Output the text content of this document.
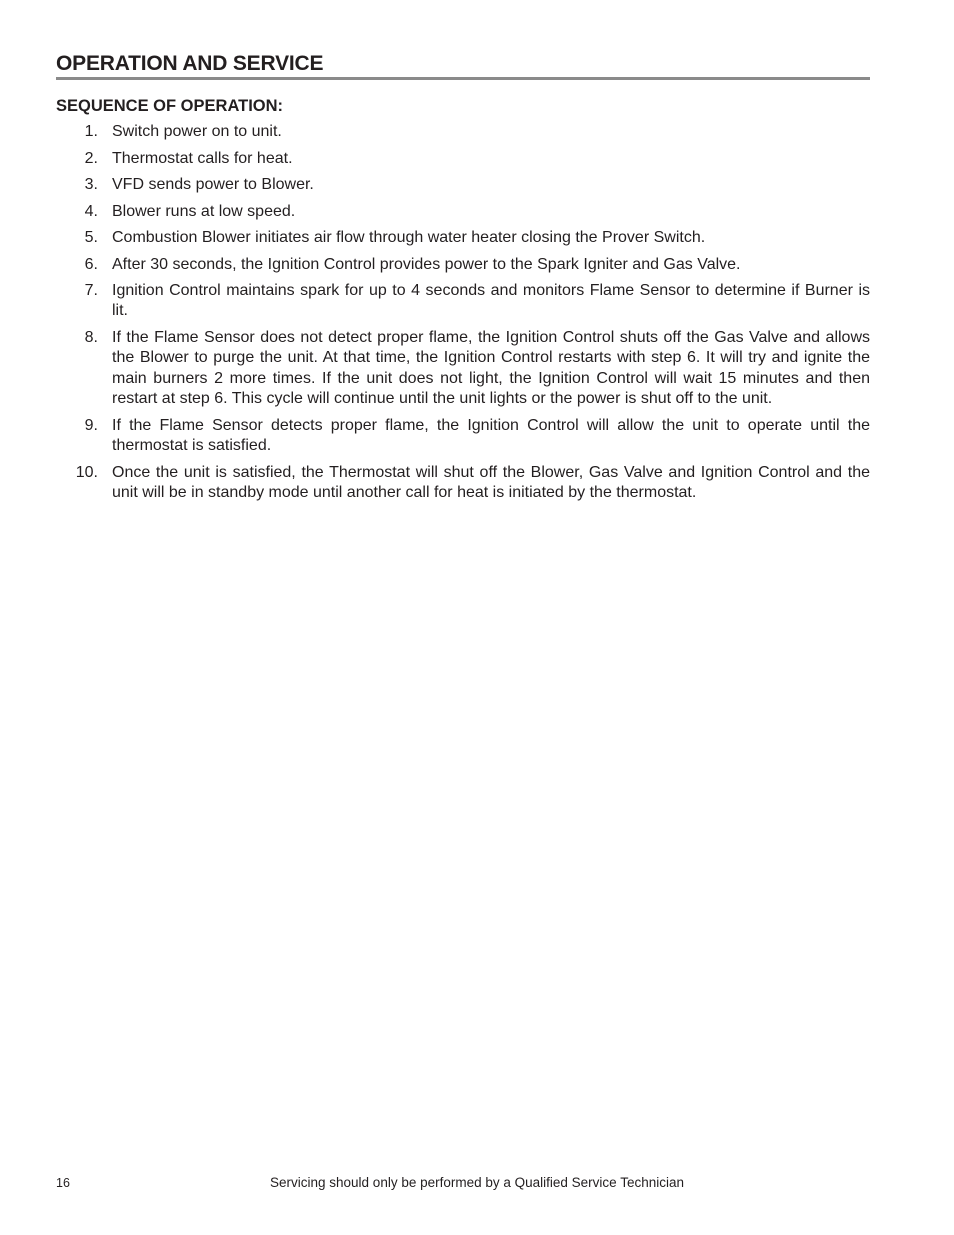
OPERATION AND SERVICE
SEQUENCE OF OPERATION:
1. Switch power on to unit.
2. Thermostat calls for heat.
3. VFD sends power to Blower.
4. Blower runs at low speed.
5. Combustion Blower initiates air flow through water heater closing the Prover Switch.
6. After 30 seconds, the Ignition Control provides power to the Spark Igniter and Gas Valve.
7. Ignition Control maintains spark for up to 4 seconds and monitors Flame Sensor to determine if Burner is lit.
8. If the Flame Sensor does not detect proper flame, the Ignition Control shuts off the Gas Valve and allows the Blower to purge the unit. At that time, the Ignition Control restarts with step 6. It will try and ignite the main burners 2 more times. If the unit does not light, the Ignition Control will wait 15 minutes and then restart at step 6. This cycle will continue until the unit lights or the power is shut off to the unit.
9. If the Flame Sensor detects proper flame, the Ignition Control will allow the unit to operate until the thermostat is satisfied.
10. Once the unit is satisfied, the Thermostat will shut off the Blower, Gas Valve and Ignition Control and the unit will be in standby mode until another call for heat is initiated by the thermostat.
16	Servicing should only be performed by a Qualified Service Technician
